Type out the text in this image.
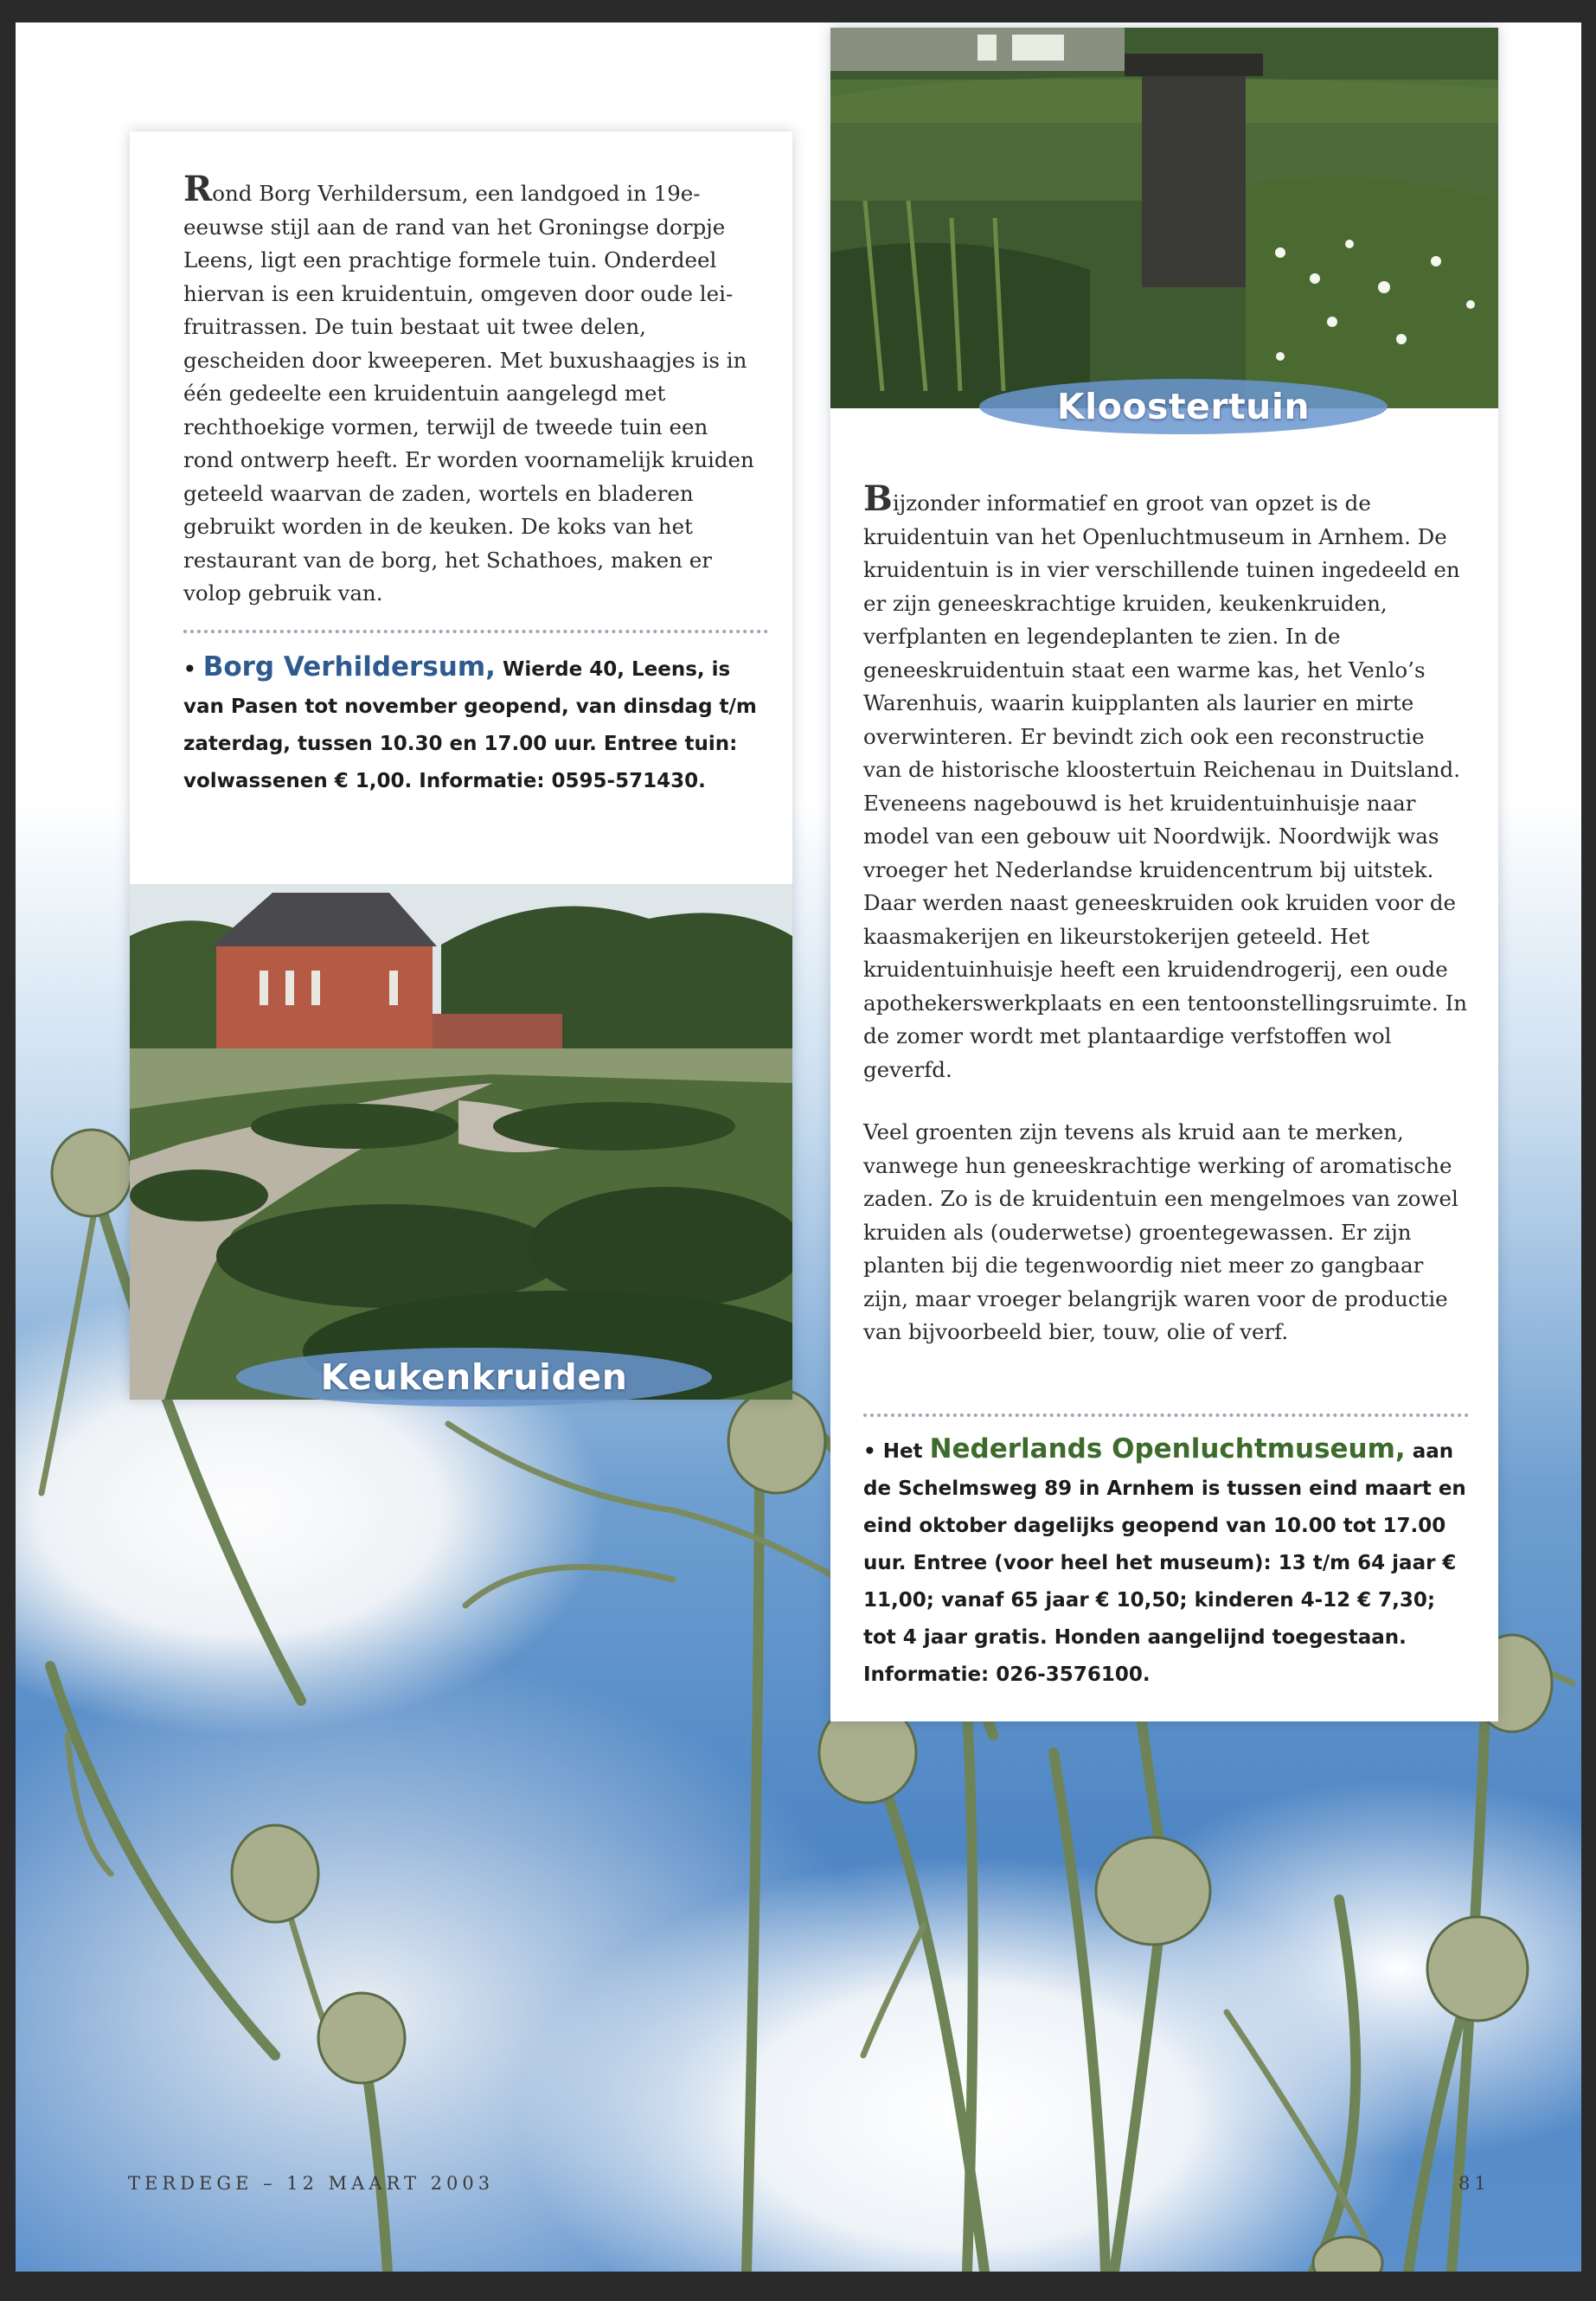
Rond Borg Verhildersum, een landgoed in 19e-eeuwse stijl aan de rand van het Groningse dorpje Leens, ligt een prachtige formele tuin. Onderdeel hiervan is een kruidentuin, omgeven door oude lei-fruitrassen. De tuin bestaat uit twee delen, gescheiden door kweeperen. Met buxushaagjes is in één gedeelte een kruidentuin aangelegd met rechthoekige vormen, terwijl de tweede tuin een rond ontwerp heeft. Er worden voornamelijk kruiden geteeld waarvan de zaden, wortels en bladeren gebruikt worden in de keuken. De koks van het restaurant van de borg, het Schathoes, maken er volop gebruik van.
• Borg Verhildersum, Wierde 40, Leens, is van Pasen tot november geopend, van dinsdag t/m zaterdag, tussen 10.30 en 17.00 uur. Entree tuin: volwassenen € 1,00. Informatie: 0595-571430.
Keukenkruiden
Bijzonder informatief en groot van opzet is de kruidentuin van het Openluchtmuseum in Arnhem. De kruidentuin is in vier verschillende tuinen ingedeeld en er zijn geneeskrachtige kruiden, keukenkruiden, verfplanten en legendeplanten te zien. In de geneeskruidentuin staat een warme kas, het Venlo’s Warenhuis, waarin kuipplanten als laurier en mirte overwinteren. Er bevindt zich ook een reconstructie van de historische kloostertuin Reichenau in Duitsland. Eveneens nagebouwd is het kruidentuinhuisje naar model van een gebouw uit Noordwijk. Noordwijk was vroeger het Nederlandse kruidencentrum bij uitstek. Daar werden naast geneeskruiden ook kruiden voor de kaasmakerijen en likeurstokerijen geteeld. Het kruidentuinhuisje heeft een kruidendrogerij, een oude apothekerswerkplaats en een tentoonstellingsruimte. In de zomer wordt met plantaardige verfstoffen wol geverfd.
Veel groenten zijn tevens als kruid aan te merken, vanwege hun geneeskrachtige werking of aromatische zaden. Zo is de kruidentuin een mengelmoes van zowel kruiden als (ouderwetse) groentegewassen. Er zijn planten bij die tegenwoordig niet meer zo gangbaar zijn, maar vroeger belangrijk waren voor de productie van bijvoorbeeld bier, touw, olie of verf.
• Het Nederlands Openluchtmuseum, aan de Schelmsweg 89 in Arnhem is tussen eind maart en eind oktober dagelijks geopend van 10.00 tot 17.00 uur. Entree (voor heel het museum): 13 t/m 64 jaar € 11,00; vanaf 65 jaar € 10,50; kinderen 4-12 € 7,30; tot 4 jaar gratis. Honden aangelijnd toegestaan. Informatie: 026-3576100.
Kloostertuin
TERDEGE – 12 MAART 2003	81
